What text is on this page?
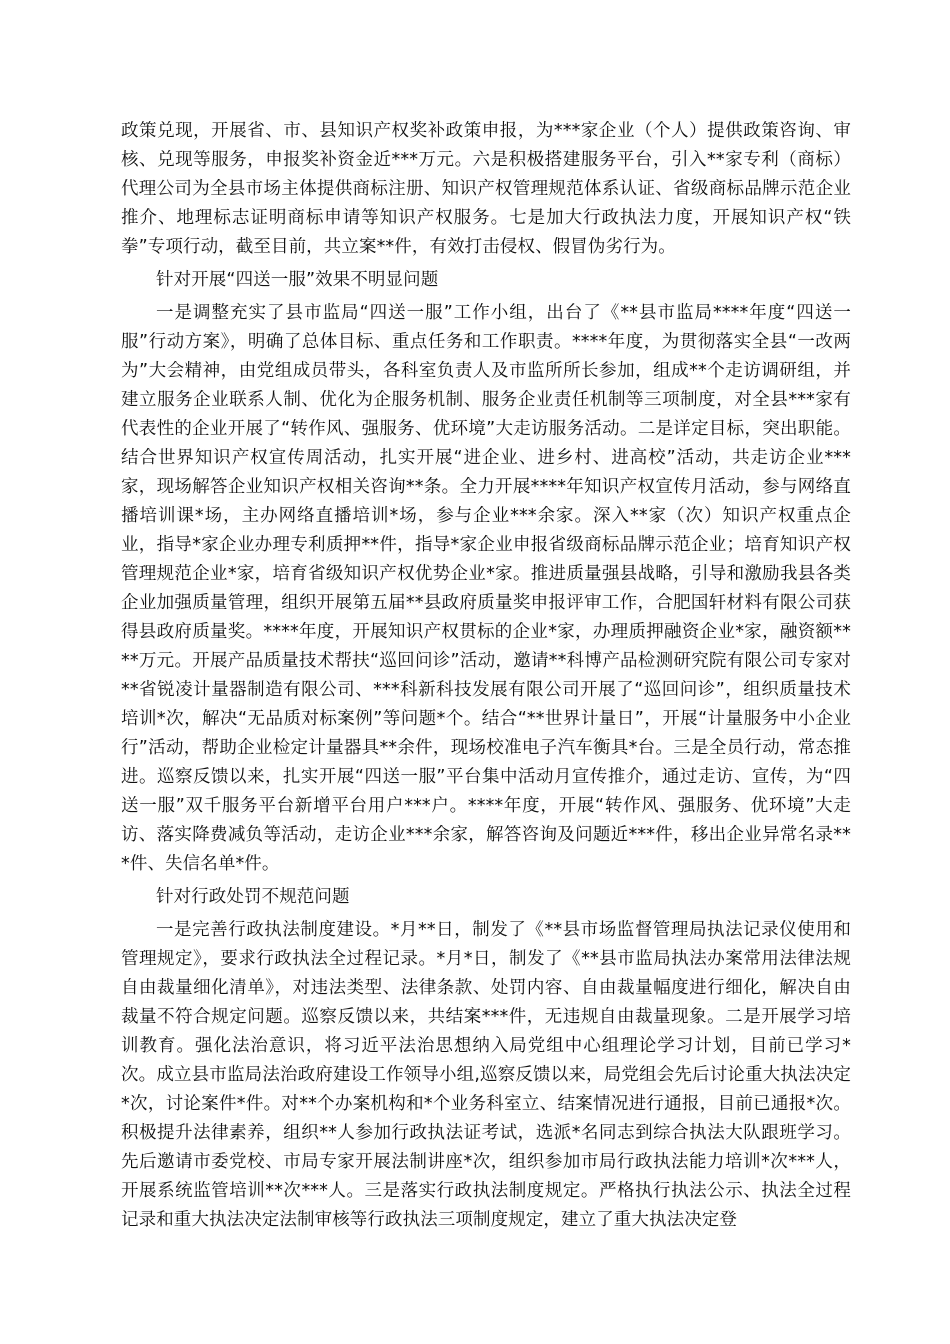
政策兑现，开展省、市、县知识产权奖补政策申报，为***家企业（个人）提供政策咨询、审核、兑现等服务，申报奖补资金近***万元。六是积极搭建服务平台，引入**家专利（商标）代理公司为全县市场主体提供商标注册、知识产权管理规范体系认证、省级商标品牌示范企业推介、地理标志证明商标申请等知识产权服务。七是加大行政执法力度，开展知识产权“铁拳”专项行动，截至目前，共立案**件，有效打击侵权、假冒伪劣行为。

针对开展“四送一服”效果不明显问题

一是调整充实了县市监局“四送一服”工作小组，出台了《**县市监局****年度“四送一服”行动方案》，明确了总体目标、重点任务和工作职责。****年度，为贯彻落实全县“一改两为”大会精神，由党组成员带头，各科室负责人及市监所所长参加，组成**个走访调研组，并建立服务企业联系人制、优化为企服务机制、服务企业责任机制等三项制度，对全县***家有代表性的企业开展了“转作风、强服务、优环境”大走访服务活动。二是详定目标，突出职能。结合世界知识产权宣传周活动，扎实开展“进企业、进乡村、进高校”活动，共走访企业***家，现场解答企业知识产权相关咨询**条。全力开展****年知识产权宣传月活动，参与网络直播培训课*场，主办网络直播培训*场，参与企业***余家。深入**家（次）知识产权重点企业，指导*家企业办理专利质押**件，指导*家企业申报省级商标品牌示范企业；培育知识产权管理规范企业*家，培育省级知识产权优势企业*家。推进质量强县战略，引导和激励我县各类企业加强质量管理，组织开展第五届**县政府质量奖申报评审工作，合肥国轩材料有限公司获得县政府质量奖。****年度，开展知识产权贯标的企业*家，办理质押融资企业*家，融资额****万元。开展产品质量技术帮扶“巡回问诊”活动，邀请**科博产品检测研究院有限公司专家对**省锐凌计量器制造有限公司、***科新科技发展有限公司开展了“巡回问诊”，组织质量技术培训*次，解决“无品质对标案例”等问题*个。结合“**世界计量日”，开展“计量服务中小企业行”活动，帮助企业检定计量器具**余件，现场校准电子汽车衡具*台。三是全员行动，常态推进。巡察反馈以来，扎实开展“四送一服”平台集中活动月宣传推介，通过走访、宣传，为“四送一服”双千服务平台新增平台用户***户。****年度，开展“转作风、强服务、优环境”大走访、落实降费减负等活动，走访企业***余家，解答咨询及问题近***件，移出企业异常名录***件、失信名单*件。

针对行政处罚不规范问题

一是完善行政执法制度建设。*月**日，制发了《**县市场监督管理局执法记录仪使用和管理规定》，要求行政执法全过程记录。*月*日，制发了《**县市监局执法办案常用法律法规自由裁量细化清单》，对违法类型、法律条款、处罚内容、自由裁量幅度进行细化，解决自由裁量不符合规定问题。巡察反馈以来，共结案***件，无违规自由裁量现象。二是开展学习培训教育。强化法治意识，将习近平法治思想纳入局党组中心组理论学习计划，目前已学习*次。成立县市监局法治政府建设工作领导小组,巡察反馈以来，局党组会先后讨论重大执法决定*次，讨论案件*件。对**个办案机构和*个业务科室立、结案情况进行通报，目前已通报*次。积极提升法律素养，组织**人参加行政执法证考试，选派*名同志到综合执法大队跟班学习。先后邀请市委党校、市局专家开展法制讲座*次，组织参加市局行政执法能力培训*次***人，开展系统监管培训**次***人。三是落实行政执法制度规定。严格执行执法公示、执法全过程记录和重大执法决定法制审核等行政执法三项制度规定，建立了重大执法决定登
